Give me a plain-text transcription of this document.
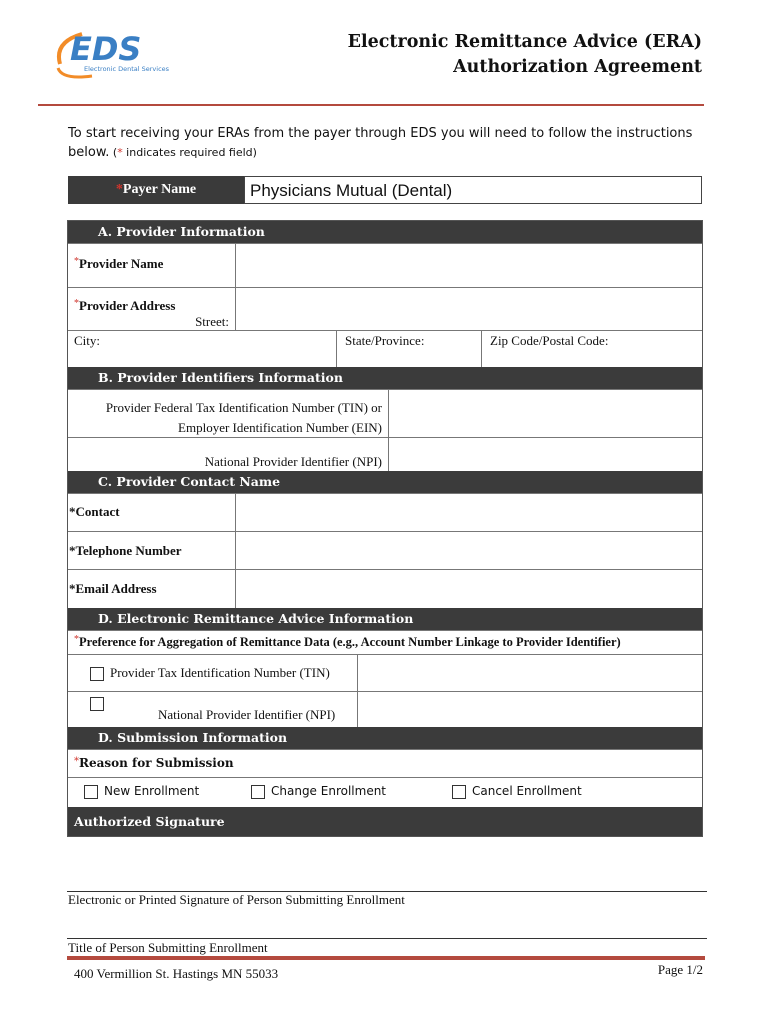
EDS
Electronic Dental Services
Electronic Remittance Advice (ERA)
Authorization Agreement
To start receiving your ERAs from the payer through EDS you will need to follow the instructions below. (* indicates required field)
*Payer Name	Physicians Mutual (Dental)
A. Provider Information
*Provider Name
*Provider Address
Street:
City:	State/Province:	Zip Code/Postal Code:
B. Provider Identifiers Information
Provider Federal Tax Identification Number (TIN) or
Employer Identification Number (EIN)
National Provider Identifier (NPI)
C. Provider Contact Name
*Contact
*Telephone Number
*Email Address
D. Electronic Remittance Advice Information
*Preference for Aggregation of Remittance Data (e.g., Account Number Linkage to Provider Identifier)
Provider Tax Identification Number (TIN)
National Provider Identifier (NPI)
D. Submission Information
*Reason for Submission
New Enrollment	Change Enrollment	Cancel Enrollment
Authorized Signature
Electronic or Printed Signature of Person Submitting Enrollment
Title of Person Submitting Enrollment
400 Vermillion St. Hastings MN 55033	Page 1/2
